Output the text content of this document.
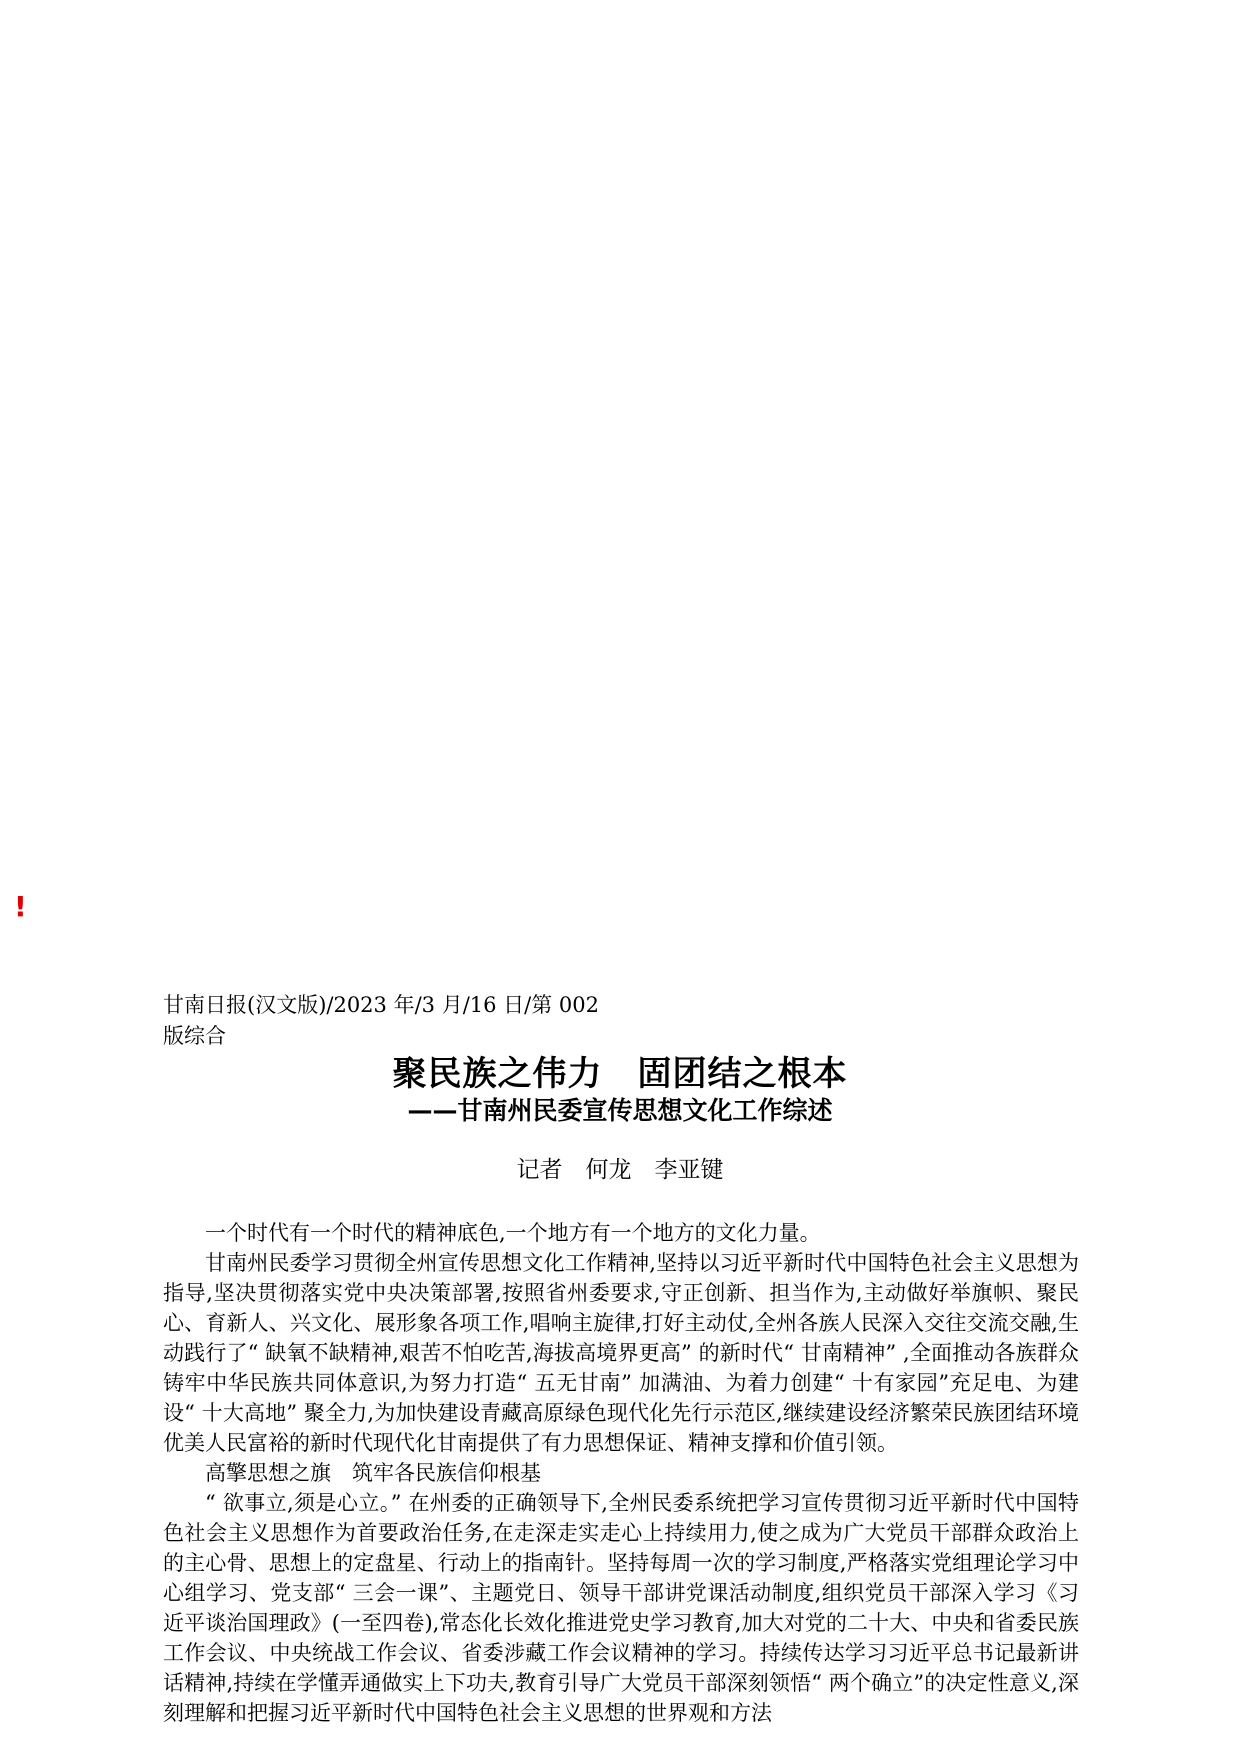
!
甘南日报(汉文版)/2023 年/3 月/16 日/第 002 版综合
聚民族之伟力　固团结之根本
——甘南州民委宣传思想文化工作综述
记者　何龙　李亚键

一个时代有一个时代的精神底色,一个地方有一个地方的文化力量。

甘南州民委学习贯彻全州宣传思想文化工作精神,坚持以习近平新时代中国特色社会主义思想为指导,坚决贯彻落实党中央决策部署,按照省州委要求,守正创新、担当作为,主动做好举旗帜、聚民心、育新人、兴文化、展形象各项工作,唱响主旋律,打好主动仗,全州各族人民深入交往交流交融,生动践行了“ 缺氧不缺精神,艰苦不怕吃苦,海拔高境界更高” 的新时代“ 甘南精神” ,全面推动各族群众铸牢中华民族共同体意识,为努力打造“ 五无甘南” 加满油、为着力创建“ 十有家园”充足电、为建设“ 十大高地” 聚全力,为加快建设青藏高原绿色现代化先行示范区,继续建设经济繁荣民族团结环境优美人民富裕的新时代现代化甘南提供了有力思想保证、精神支撑和价值引领。

高擎思想之旗　筑牢各民族信仰根基

“ 欲事立,须是心立。” 在州委的正确领导下,全州民委系统把学习宣传贯彻习近平新时代中国特色社会主义思想作为首要政治任务,在走深走实走心上持续用力,使之成为广大党员干部群众政治上的主心骨、思想上的定盘星、行动上的指南针。坚持每周一次的学习制度,严格落实党组理论学习中心组学习、党支部“ 三会一课”、主题党日、领导干部讲党课活动制度,组织党员干部深入学习《习近平谈治国理政》(一至四卷),常态化长效化推进党史学习教育,加大对党的二十大、中央和省委民族工作会议、中央统战工作会议、省委涉藏工作会议精神的学习。持续传达学习习近平总书记最新讲话精神,持续在学懂弄通做实上下功夫,教育引导广大党员干部深刻领悟“ 两个确立”的决定性意义,深刻理解和把握习近平新时代中国特色社会主义思想的世界观和方法
